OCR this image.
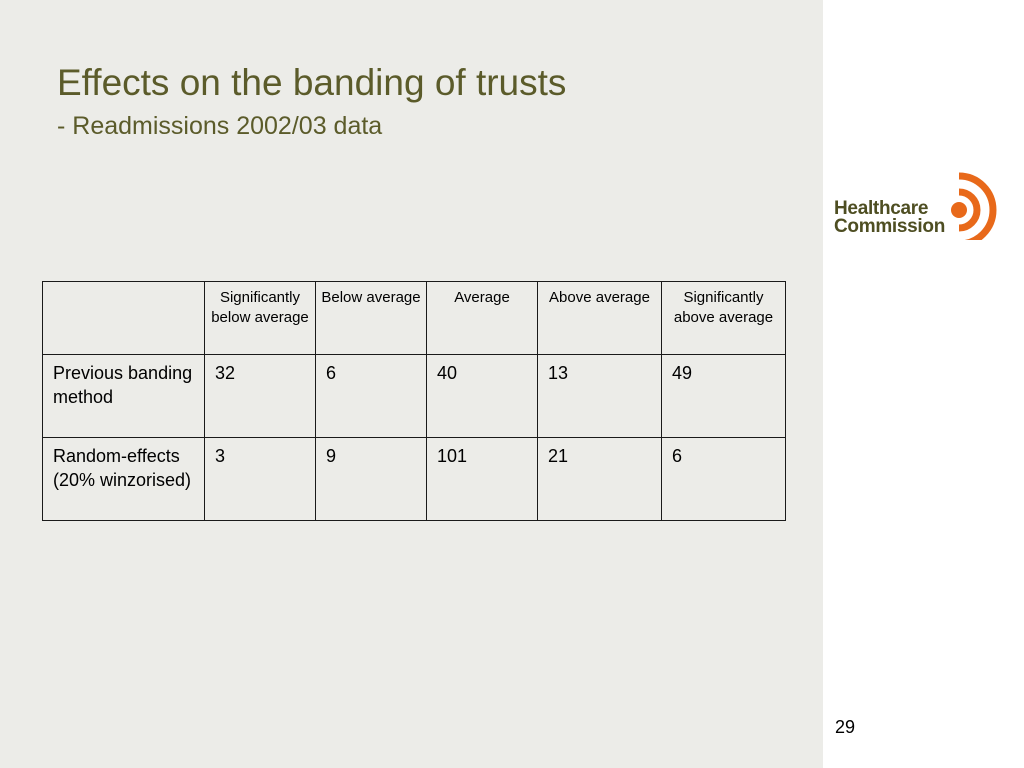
Effects on the banding of trusts
- Readmissions 2002/03 data
Healthcare
Commission
	Significantly below average	Below average	Average	Above average	Significantly above average
Previous banding method	32	6	40	13	49
Random-effects (20% winzorised)	3	9	101	21	6
29
